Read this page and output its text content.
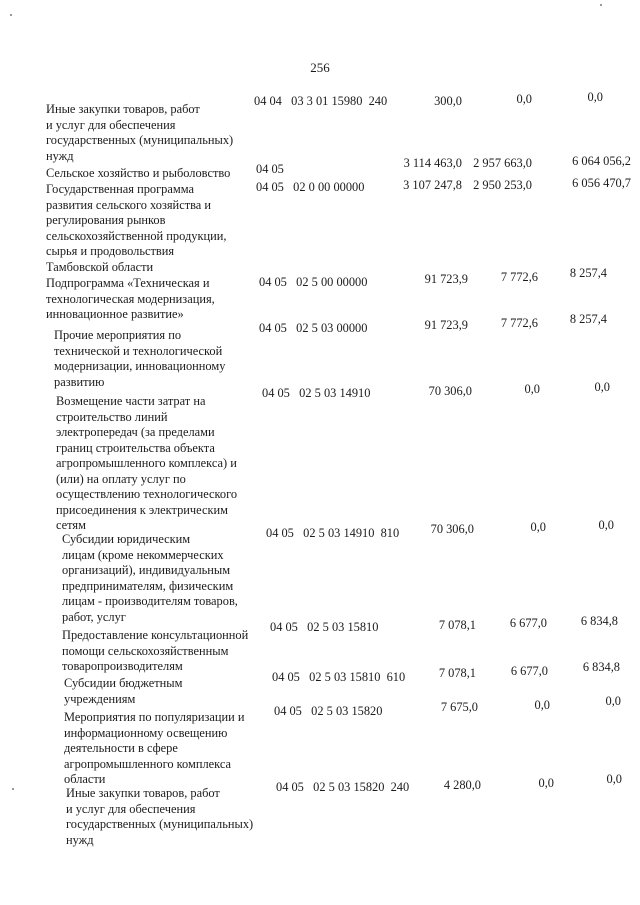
256
Иные закупки товаров, работ
и услуг для обеспечения
государственных (муниципальных)
нужд
04 04   03 3 01 15980  240	300,0	0,0	0,0
Сельское хозяйство и рыболовство	04 05	3 114 463,0 2 957 663,0	6 064 056,2
Государственная программа
развития сельского хозяйства и
регулирования рынков
сельскохозяйственной продукции,
сырья и продовольствия
Тамбовской области
04 05   02 0 00 00000	3 107 247,8 2 950 253,0	6 056 470,7
Подпрограмма «Техническая и
технологическая модернизация,
инновационное развитие»
04 05   02 5 00 00000	91 723,9	7 772,6	8 257,4
Прочие мероприятия по
технической и технологической
модернизации, инновационному
развитию
04 05   02 5 03 00000	91 723,9	7 772,6	8 257,4
Возмещение части затрат на
строительство линий
электропередач (за пределами
границ строительства объекта
агропромышленного комплекса) и
(или) на оплату услуг по
осуществлению технологического
присоединения к электрическим
сетям
04 05   02 5 03 14910	70 306,0	0,0	0,0
Субсидии юридическим
лицам (кроме некоммерческих
организаций), индивидуальным
предпринимателям, физическим
лицам - производителям товаров,
работ, услуг
04 05   02 5 03 14910  810	70 306,0	0,0	0,0
Предоставление консультационной
помощи сельскохозяйственным
товаропроизводителям
04 05   02 5 03 15810	7 078,1	6 677,0	6 834,8
Субсидии бюджетным
учреждениям
04 05   02 5 03 15810  610	7 078,1	6 677,0	6 834,8
Мероприятия по популяризации и
информационному освещению
деятельности в сфере
агропромышленного комплекса
области
04 05   02 5 03 15820	7 675,0	0,0	0,0
Иные закупки товаров, работ
и услуг для обеспечения
государственных (муниципальных)
нужд
04 05   02 5 03 15820  240	4 280,0	0,0	0,0
